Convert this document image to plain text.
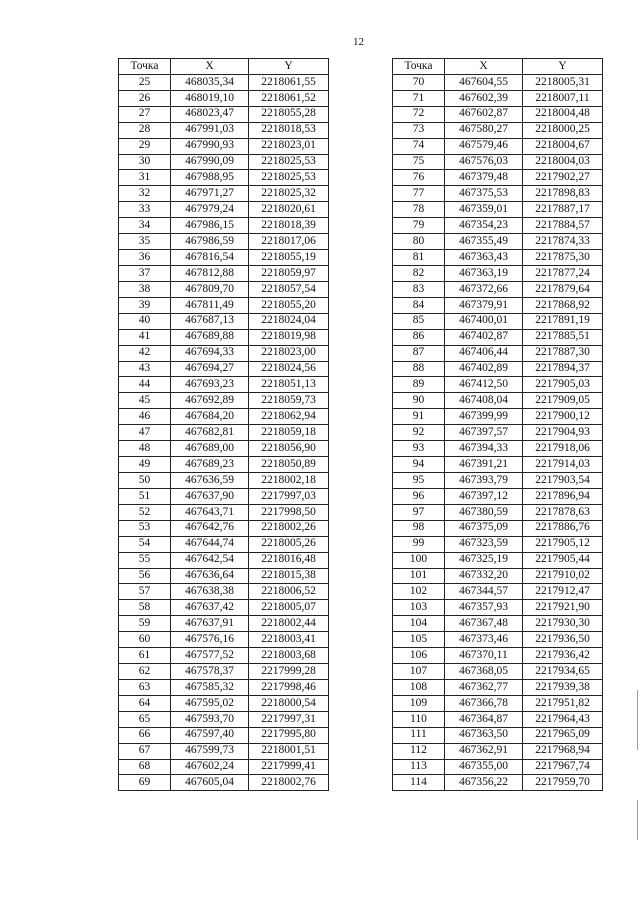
12
Точка	X	Y
25	468035,34	2218061,55
26	468019,10	2218061,52
27	468023,47	2218055,28
28	467991,03	2218018,53
29	467990,93	2218023,01
30	467990,09	2218025,53
31	467988,95	2218025,53
32	467971,27	2218025,32
33	467979,24	2218020,61
34	467986,15	2218018,39
35	467986,59	2218017,06
36	467816,54	2218055,19
37	467812,88	2218059,97
38	467809,70	2218057,54
39	467811,49	2218055,20
40	467687,13	2218024,04
41	467689,88	2218019,98
42	467694,33	2218023,00
43	467694,27	2218024,56
44	467693,23	2218051,13
45	467692,89	2218059,73
46	467684,20	2218062,94
47	467682,81	2218059,18
48	467689,00	2218056,90
49	467689,23	2218050,89
50	467636,59	2218002,18
51	467637,90	2217997,03
52	467643,71	2217998,50
53	467642,76	2218002,26
54	467644,74	2218005,26
55	467642,54	2218016,48
56	467636,64	2218015,38
57	467638,38	2218006,52
58	467637,42	2218005,07
59	467637,91	2218002,44
60	467576,16	2218003,41
61	467577,52	2218003,68
62	467578,37	2217999,28
63	467585,32	2217998,46
64	467595,02	2218000,54
65	467593,70	2217997,31
66	467597,40	2217995,80
67	467599,73	2218001,51
68	467602,24	2217999,41
69	467605,04	2218002,76
Точка	X	Y
70	467604,55	2218005,31
71	467602,39	2218007,11
72	467602,87	2218004,48
73	467580,27	2218000,25
74	467579,46	2218004,67
75	467576,03	2218004,03
76	467379,48	2217902,27
77	467375,53	2217898,83
78	467359,01	2217887,17
79	467354,23	2217884,57
80	467355,49	2217874,33
81	467363,43	2217875,30
82	467363,19	2217877,24
83	467372,66	2217879,64
84	467379,91	2217868,92
85	467400,01	2217891,19
86	467402,87	2217885,51
87	467406,44	2217887,30
88	467402,89	2217894,37
89	467412,50	2217905,03
90	467408,04	2217909,05
91	467399,99	2217900,12
92	467397,57	2217904,93
93	467394,33	2217918,06
94	467391,21	2217914,03
95	467393,79	2217903,54
96	467397,12	2217896,94
97	467380,59	2217878,63
98	467375,09	2217886,76
99	467323,59	2217905,12
100	467325,19	2217905,44
101	467332,20	2217910,02
102	467344,57	2217912,47
103	467357,93	2217921,90
104	467367,48	2217930,30
105	467373,46	2217936,50
106	467370,11	2217936,42
107	467368,05	2217934,65
108	467362,77	2217939,38
109	467366,78	2217951,82
110	467364,87	2217964,43
111	467363,50	2217965,09
112	467362,91	2217968,94
113	467355,00	2217967,74
114	467356,22	2217959,70
